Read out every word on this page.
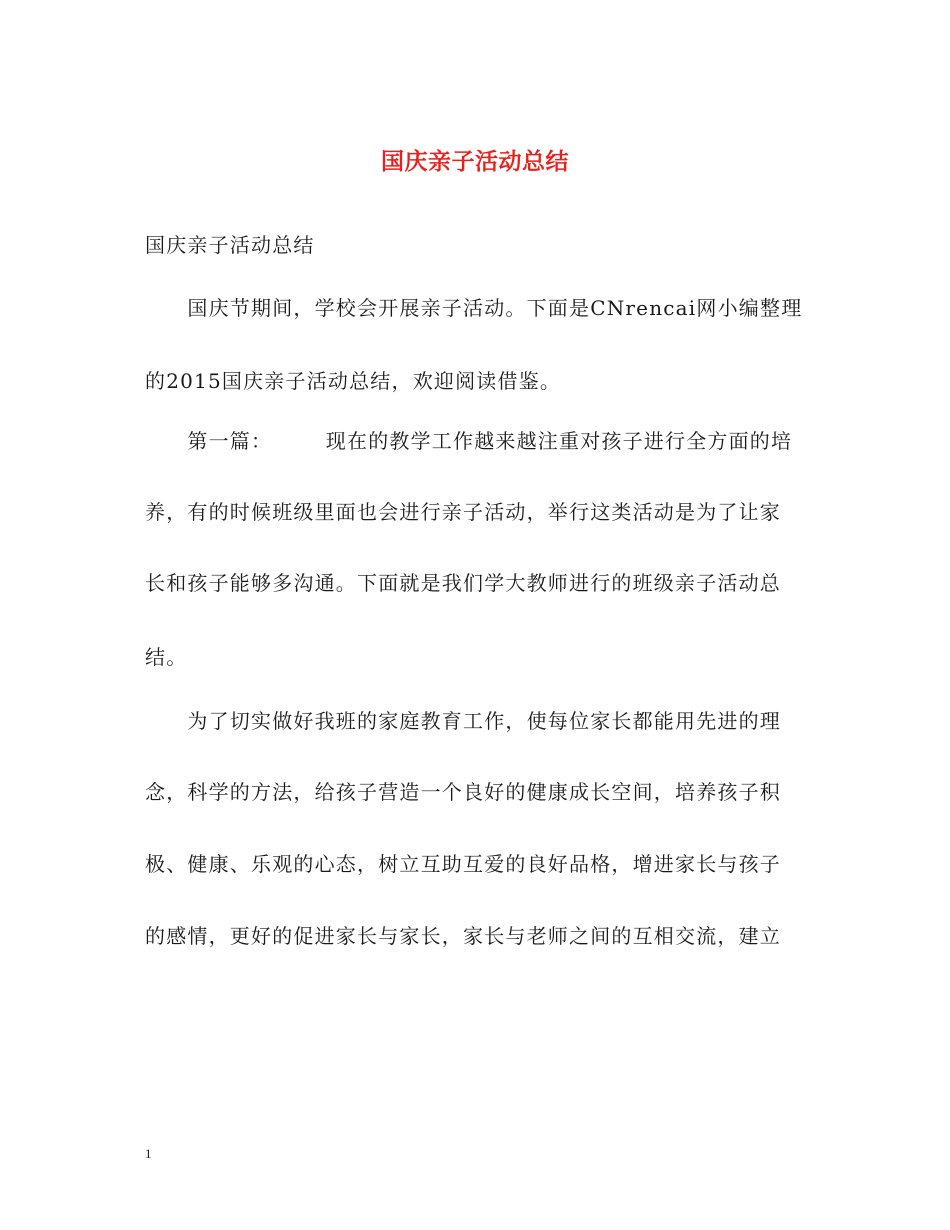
国庆亲子活动总结
国庆亲子活动总结
　　国庆节期间，学校会开展亲子活动。下面是CNrencai网小编整理
的2015国庆亲子活动总结，欢迎阅读借鉴。
　　第一篇：　　　现在的教学工作越来越注重对孩子进行全方面的培
养，有的时候班级里面也会进行亲子活动，举行这类活动是为了让家
长和孩子能够多沟通。下面就是我们学大教师进行的班级亲子活动总
结。
　　为了切实做好我班的家庭教育工作，使每位家长都能用先进的理
念，科学的方法，给孩子营造一个良好的健康成长空间，培养孩子积
极、健康、乐观的心态，树立互助互爱的良好品格，增进家长与孩子
的感情，更好的促进家长与家长，家长与老师之间的互相交流，建立
1
